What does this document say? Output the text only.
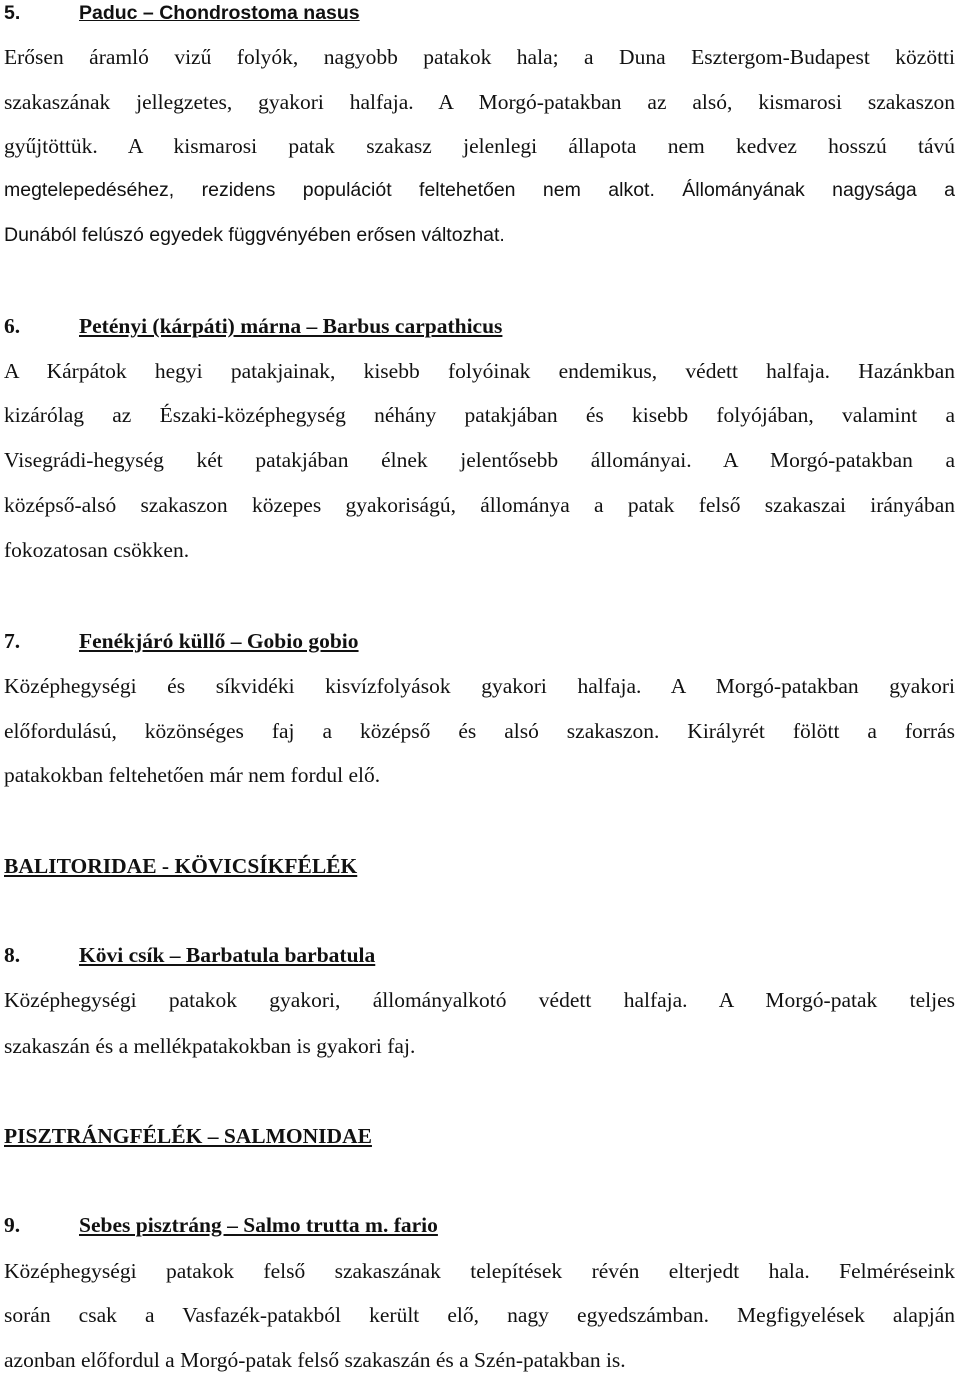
5.	Paduc – Chondrostoma nasus
Erősen áramló vizű folyók, nagyobb patakok hala; a Duna Esztergom-Budapest közötti
szakaszának jellegzetes, gyakori halfaja. A Morgó-patakban az alsó, kismarosi szakaszon
gyűjtöttük. A kismarosi patak szakasz jelenlegi állapota nem kedvez hosszú távú
megtelepedéséhez, rezidens populációt feltehetően nem alkot. Állományának nagysága a
Dunából felúszó egyedek függvényében erősen változhat.
6.	Petényi (kárpáti) márna – Barbus carpathicus
A Kárpátok hegyi patakjainak, kisebb folyóinak endemikus, védett halfaja. Hazánkban
kizárólag az Északi-középhegység néhány patakjában és kisebb folyójában, valamint a
Visegrádi-hegység két patakjában élnek jelentősebb állományai. A Morgó-patakban a
középső-alsó szakaszon közepes gyakoriságú, állománya a patak felső szakaszai irányában
fokozatosan csökken.
7.	Fenékjáró küllő – Gobio gobio
Középhegységi és síkvidéki kisvízfolyások gyakori halfaja. A Morgó-patakban gyakori
előfordulású, közönséges faj a középső és alsó szakaszon. Királyrét fölött a forrás
patakokban feltehetően már nem fordul elő.
BALITORIDAE - KÖVICSÍKFÉLÉK
8.	Kövi csík – Barbatula barbatula
Középhegységi patakok gyakori, állományalkotó védett halfaja. A Morgó-patak teljes
szakaszán és a mellékpatakokban is gyakori faj.
PISZTRÁNGFÉLÉK – SALMONIDAE
9.	Sebes pisztráng – Salmo trutta m. fario
Középhegységi patakok felső szakaszának telepítések révén elterjedt hala. Felméréseink
során csak a Vasfazék-patakból került elő, nagy egyedszámban. Megfigyelések alapján
azonban előfordul a Morgó-patak felső szakaszán és a Szén-patakban is.
